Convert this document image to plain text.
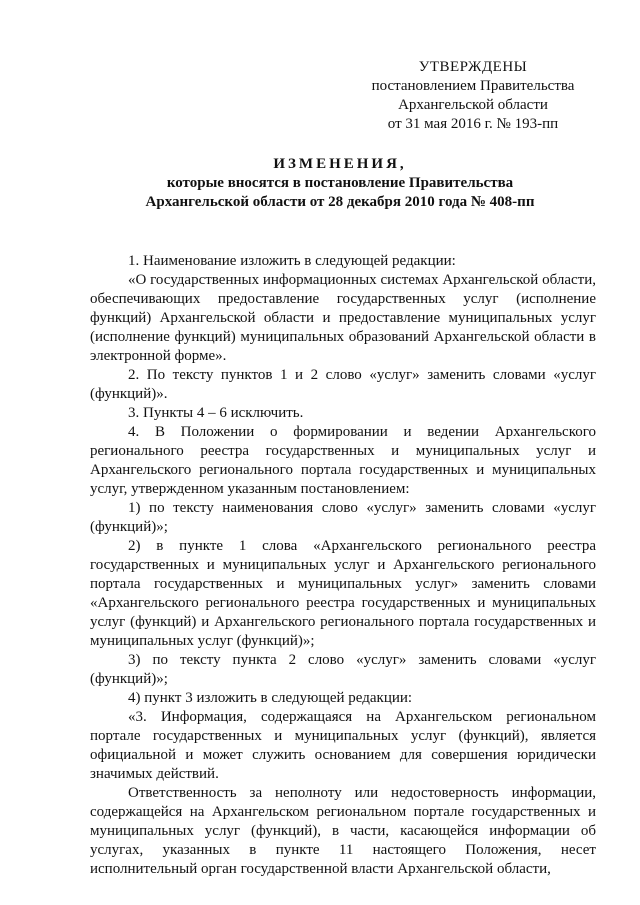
УТВЕРЖДЕНЫ
постановлением Правительства
Архангельской области
от 31 мая 2016 г. № 193-пп
ИЗМЕНЕНИЯ,
которые вносятся в постановление Правительства
Архангельской области от 28 декабря 2010 года № 408-пп

1. Наименование изложить в следующей редакции:

«О государственных информационных системах Архангельской области, обеспечивающих предоставление государственных услуг (исполнение функций) Архангельской области и предоставление муниципальных услуг (исполнение функций) муниципальных образований Архангельской области в электронной форме».

2. По тексту пунктов 1 и 2 слово «услуг» заменить словами «услуг (функций)».

3. Пункты 4 – 6 исключить.

4. В Положении о формировании и ведении Архангельского регионального реестра государственных и муниципальных услуг и Архангельского регионального портала государственных и муниципальных услуг, утвержденном указанным постановлением:

1) по тексту наименования слово «услуг» заменить словами «услуг (функций)»;

2) в пункте 1 слова «Архангельского регионального реестра государственных и муниципальных услуг и Архангельского регионального портала государственных и муниципальных услуг» заменить словами «Архангельского регионального реестра государственных и муниципальных услуг (функций) и Архангельского регионального портала государственных и муниципальных услуг (функций)»;

3) по тексту пункта 2 слово «услуг» заменить словами «услуг (функций)»;

4) пункт 3 изложить в следующей редакции:

«3. Информация, содержащаяся на Архангельском региональном портале государственных и муниципальных услуг (функций), является официальной и может служить основанием для совершения юридически значимых действий.

Ответственность за неполноту или недостоверность информации, содержащейся на Архангельском региональном портале государственных и муниципальных услуг (функций), в части, касающейся информации об услугах, указанных в пункте 11 настоящего Положения, несет исполнительный орган государственной власти Архангельской области,
